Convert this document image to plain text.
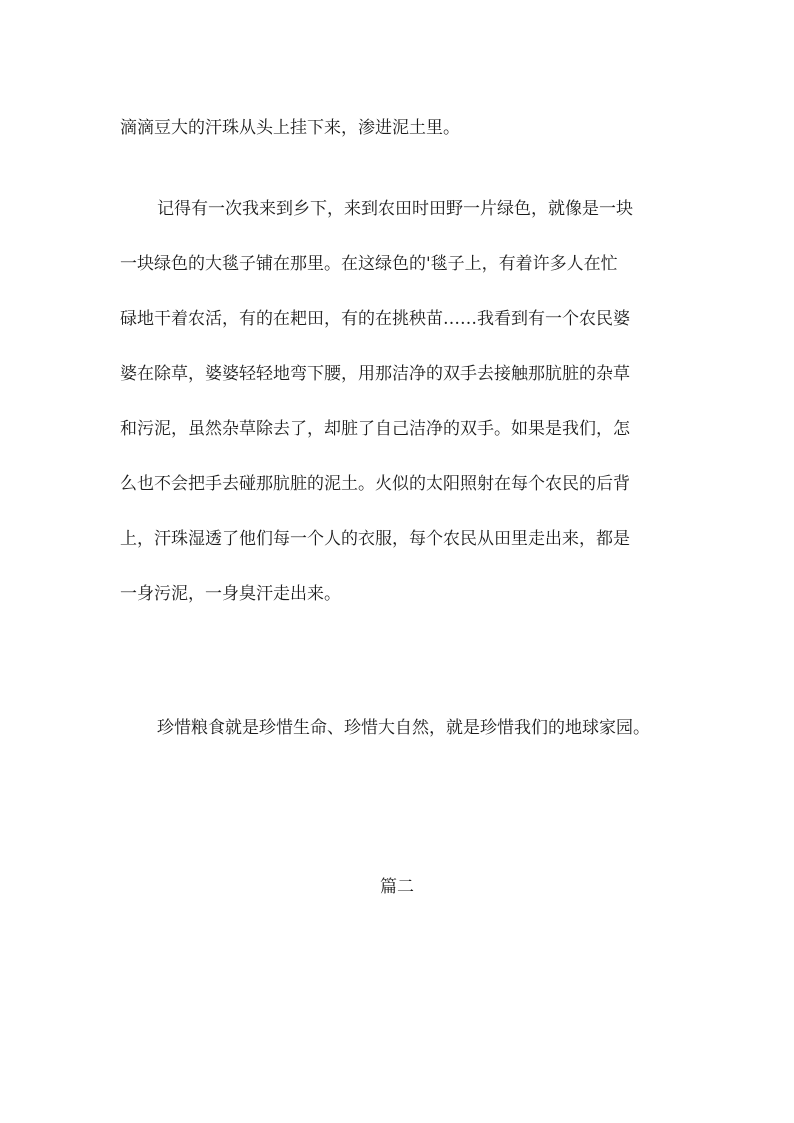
滴滴豆大的汗珠从头上挂下来，渗进泥土里。
记得有一次我来到乡下，来到农田时田野一片绿色，就像是一块
一块绿色的大毯子铺在那里。在这绿色的'毯子上，有着许多人在忙
碌地干着农活，有的在耙田，有的在挑秧苗……我看到有一个农民婆
婆在除草，婆婆轻轻地弯下腰，用那洁净的双手去接触那肮脏的杂草
和污泥，虽然杂草除去了，却脏了自己洁净的双手。如果是我们，怎
么也不会把手去碰那肮脏的泥土。火似的太阳照射在每个农民的后背
上，汗珠湿透了他们每一个人的衣服，每个农民从田里走出来，都是
一身污泥，一身臭汗走出来。
珍惜粮食就是珍惜生命、珍惜大自然，就是珍惜我们的地球家园。
篇二
